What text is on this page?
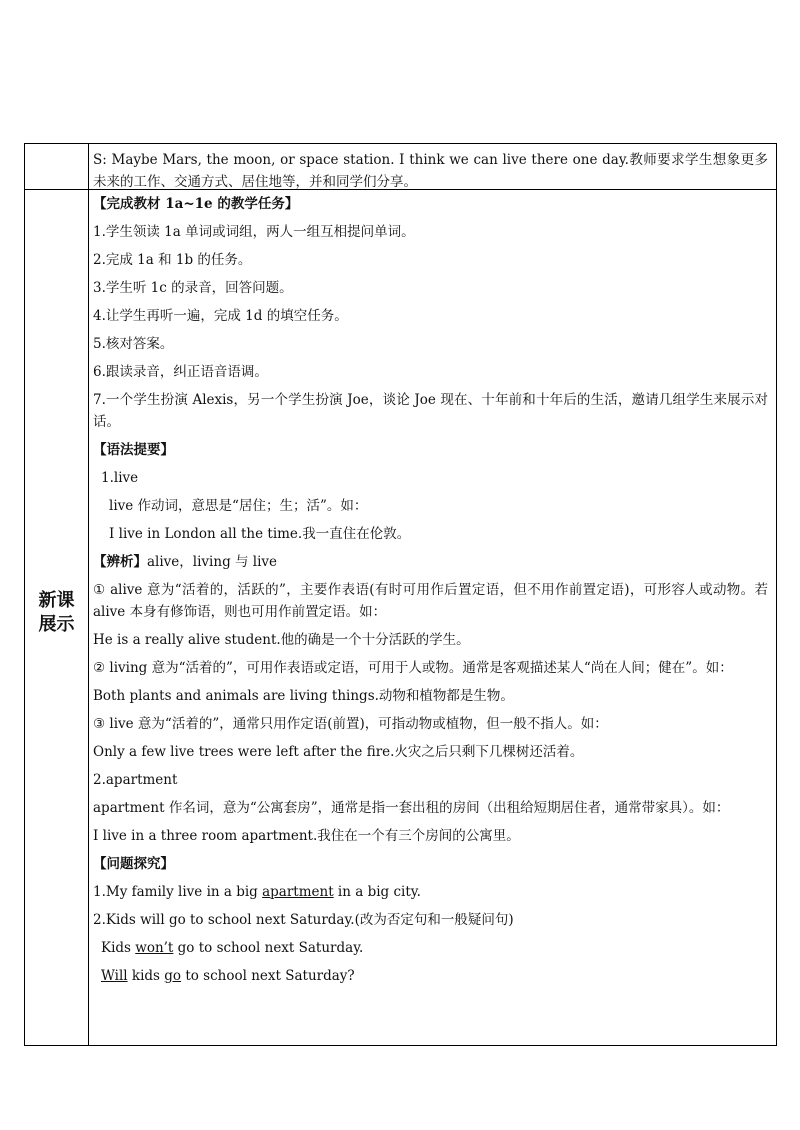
新课
展示

S: Maybe Mars, the moon, or space station. I think we can live there one day.教师要求学生想象更多未来的工作、交通方式、居住地等，并和同学们分享。

【完成教材 1a~1e 的教学任务】

1.学生领读 1a 单词或词组，两人一组互相提问单词。

2.完成 1a 和 1b 的任务。

3.学生听 1c 的录音，回答问题。

4.让学生再听一遍，完成 1d 的填空任务。

5.核对答案。

6.跟读录音，纠正语音语调。

7.一个学生扮演 Alexis，另一个学生扮演 Joe，谈论 Joe 现在、十年前和十年后的生活，邀请几组学生来展示对话。

【语法提要】

1.live

live 作动词，意思是“居住；生；活”。如：

I live in London all the time.我一直住在伦敦。

【辨析】alive，living 与 live

① alive 意为“活着的，活跃的”，主要作表语(有时可用作后置定语，但不用作前置定语)，可形容人或动物。若 alive 本身有修饰语，则也可用作前置定语。如：

He is a really alive student.他的确是一个十分活跃的学生。

② living 意为“活着的”，可用作表语或定语，可用于人或物。通常是客观描述某人“尚在人间；健在”。如：

Both plants and animals are living things.动物和植物都是生物。

③ live 意为“活着的”，通常只用作定语(前置)，可指动物或植物，但一般不指人。如：

Only a few live trees were left after the fire.火灾之后只剩下几棵树还活着。

2.apartment

apartment 作名词，意为“公寓套房”，通常是指一套出租的房间（出租给短期居住者，通常带家具）。如：

I live in a three room apartment.我住在一个有三个房间的公寓里。

【问题探究】

1.My family live in a big apartment in a big city.

2.Kids will go to school next Saturday.(改为否定句和一般疑问句)

Kids won’t go to school next Saturday.

Will kids go to school next Saturday?
